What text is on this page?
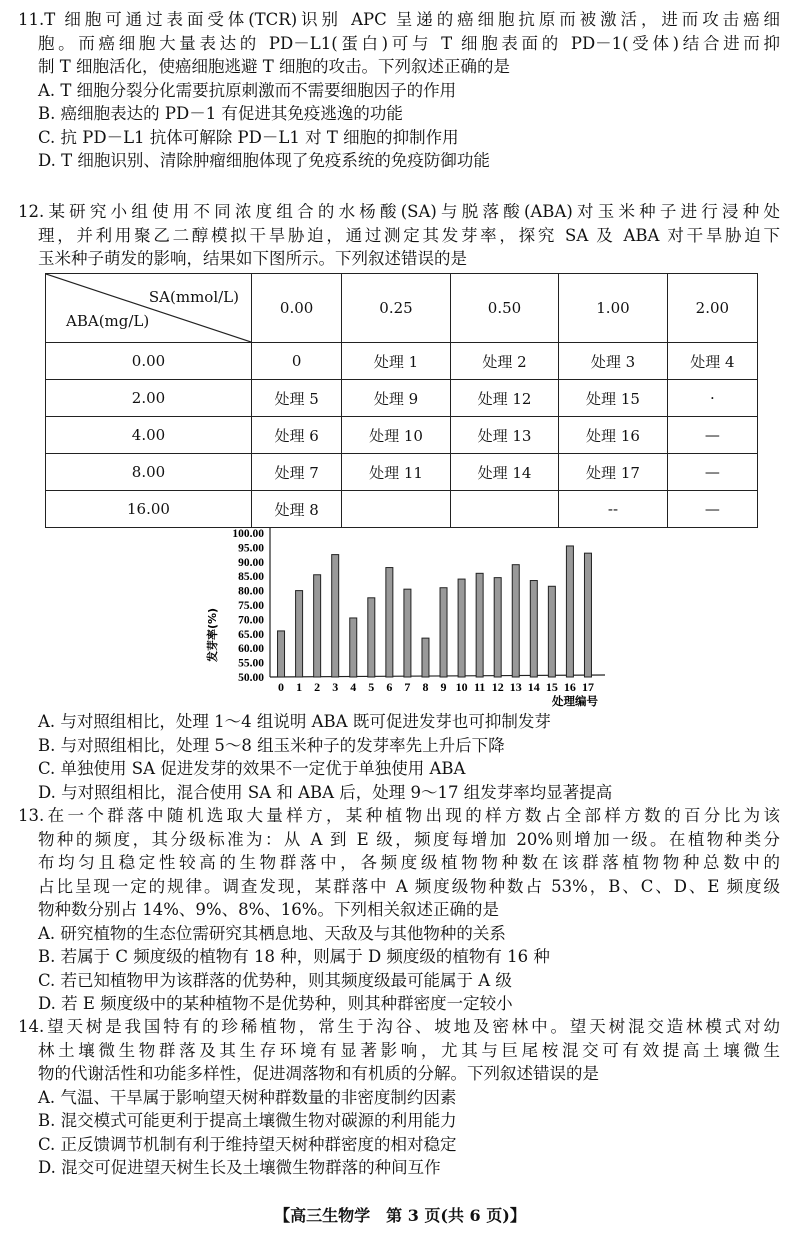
11.T 细胞可通过表面受体(TCR)识别 APC 呈递的癌细胞抗原而被激活，进而攻击癌细
胞。而癌细胞大量表达的 PD－L1(蛋白)可与 T 细胞表面的 PD－1(受体)结合进而抑
制 T 细胞活化，使癌细胞逃避 T 细胞的攻击。下列叙述正确的是
A. T 细胞分裂分化需要抗原刺激而不需要细胞因子的作用
B. 癌细胞表达的 PD－1 有促进其免疫逃逸的功能
C. 抗 PD－L1 抗体可解除 PD－L1 对 T 细胞的抑制作用
D. T 细胞识别、清除肿瘤细胞体现了免疫系统的免疫防御功能
12.某研究小组使用不同浓度组合的水杨酸(SA)与脱落酸(ABA)对玉米种子进行浸种处
理，并利用聚乙二醇模拟干旱胁迫，通过测定其发芽率，探究 SA 及 ABA 对干旱胁迫下
玉米种子萌发的影响，结果如下图所示。下列叙述错误的是
SA(mmol/L)
ABA(mg/L)	0.00	0.25	0.50	1.00	2.00
0.00	0	处理 1	处理 2	处理 3	处理 4
2.00	处理 5	处理 9	处理 12	处理 15	·
4.00	处理 6	处理 10	处理 13	处理 16	—
8.00	处理 7	处理 11	处理 14	处理 17	—
16.00	处理 8			--	—
50.00
55.00
60.00
65.00
70.00
75.00
80.00
85.00
90.00
95.00
100.00
0 1 2 3 4 5 6 7 8 9 10 11 12 13 14 15 16 17
处理编号
发芽率(%)
A. 与对照组相比，处理 1～4 组说明 ABA 既可促进发芽也可抑制发芽
B. 与对照组相比，处理 5～8 组玉米种子的发芽率先上升后下降
C. 单独使用 SA 促进发芽的效果不一定优于单独使用 ABA
D. 与对照组相比，混合使用 SA 和 ABA 后，处理 9～17 组发芽率均显著提高
13.在一个群落中随机选取大量样方，某种植物出现的样方数占全部样方数的百分比为该
物种的频度，其分级标准为：从 A 到 E 级，频度每增加 20%则增加一级。在植物种类分
布均匀且稳定性较高的生物群落中，各频度级植物物种数在该群落植物物种总数中的
占比呈现一定的规律。调查发现，某群落中 A 频度级物种数占 53%，B、C、D、E 频度级
物种数分别占 14%、9%、8%、16%。下列相关叙述正确的是
A. 研究植物的生态位需研究其栖息地、天敌及与其他物种的关系
B. 若属于 C 频度级的植物有 18 种，则属于 D 频度级的植物有 16 种
C. 若已知植物甲为该群落的优势种，则其频度级最可能属于 A 级
D. 若 E 频度级中的某种植物不是优势种，则其种群密度一定较小
14.望天树是我国特有的珍稀植物，常生于沟谷、坡地及密林中。望天树混交造林模式对幼
林土壤微生物群落及其生存环境有显著影响，尤其与巨尾桉混交可有效提高土壤微生
物的代谢活性和功能多样性，促进凋落物和有机质的分解。下列叙述错误的是
A. 气温、干旱属于影响望天树种群数量的非密度制约因素
B. 混交模式可能更利于提高土壤微生物对碳源的利用能力
C. 正反馈调节机制有利于维持望天树种群密度的相对稳定
D. 混交可促进望天树生长及土壤微生物群落的种间互作
【高三生物学　第 3 页(共 6 页)】
